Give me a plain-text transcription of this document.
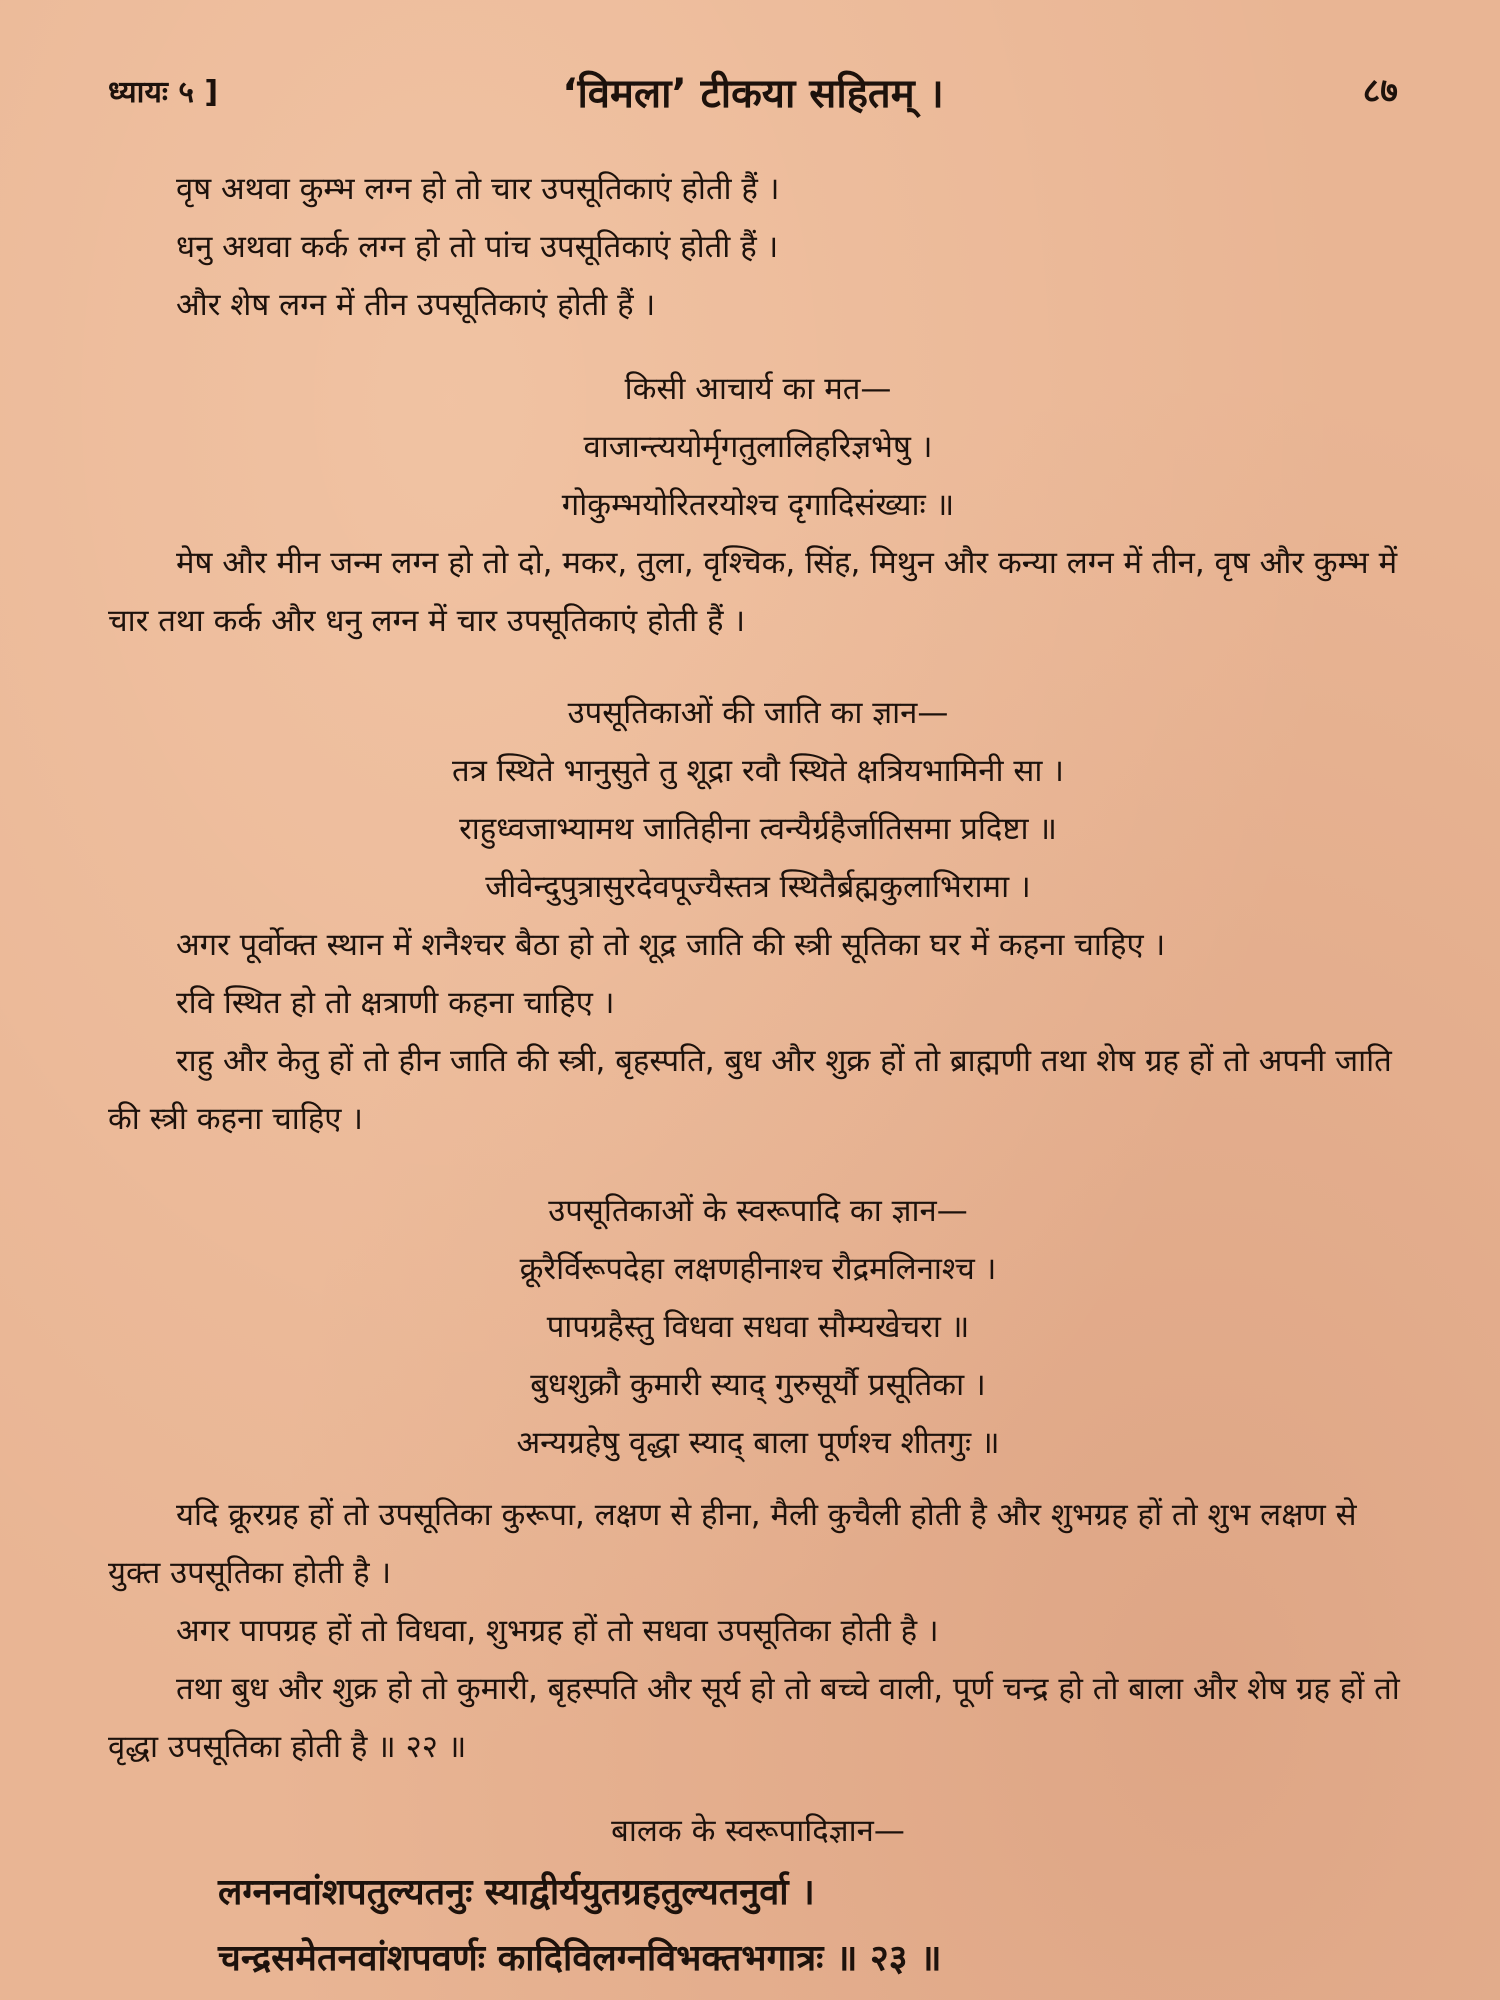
ध्यायः ५ ]	‘विमला’ टीकया सहितम् ।	८७

वृष अथवा कुम्भ लग्न हो तो चार उपसूतिकाएं होती हैं ।

धनु अथवा कर्क लग्न हो तो पांच उपसूतिकाएं होती हैं ।

और शेष लग्न में तीन उपसूतिकाएं होती हैं ।

किसी आचार्य का मत—

वाजान्त्ययोर्मृगतुलालिहरिज्ञभेषु ।

गोकुम्भयोरितरयोश्च दृगादिसंख्याः ॥

मेष और मीन जन्म लग्न हो तो दो, मकर, तुला, वृश्चिक, सिंह, मिथुन और कन्या लग्न में तीन, वृष और कुम्भ में चार तथा कर्क और धनु लग्न में चार उपसूतिकाएं होती हैं ।

उपसूतिकाओं की जाति का ज्ञान—

तत्र स्थिते भानुसुते तु शूद्रा रवौ स्थिते क्षत्रियभामिनी सा ।

राहुध्वजाभ्यामथ जातिहीना त्वन्यैर्ग्रहैर्जातिसमा प्रदिष्टा ॥

जीवेन्दुपुत्रासुरदेवपूज्यैस्तत्र स्थितैर्ब्रह्मकुलाभिरामा ।

अगर पूर्वोक्त स्थान में शनैश्चर बैठा हो तो शूद्र जाति की स्त्री सूतिका घर में कहना चाहिए ।

रवि स्थित हो तो क्षत्राणी कहना चाहिए ।

राहु और केतु हों तो हीन जाति की स्त्री, बृहस्पति, बुध और शुक्र हों तो ब्राह्मणी तथा शेष ग्रह हों तो अपनी जाति की स्त्री कहना चाहिए ।

उपसूतिकाओं के स्वरूपादि का ज्ञान—

क्रूरैर्विरूपदेहा लक्षणहीनाश्च रौद्रमलिनाश्च ।

पापग्रहैस्तु विधवा सधवा सौम्यखेचरा ॥

बुधशुक्रौ कुमारी स्याद् गुरुसूर्यौ प्रसूतिका ।

अन्यग्रहेषु वृद्धा स्याद् बाला पूर्णश्च शीतगुः ॥

यदि क्रूरग्रह हों तो उपसूतिका कुरूपा, लक्षण से हीना, मैली कुचैली होती है और शुभग्रह हों तो शुभ लक्षण से युक्त उपसूतिका होती है ।

अगर पापग्रह हों तो विधवा, शुभग्रह हों तो सधवा उपसूतिका होती है ।

तथा बुध और शुक्र हो तो कुमारी, बृहस्पति और सूर्य हो तो बच्चे वाली, पूर्ण चन्द्र हो तो बाला और शेष ग्रह हों तो वृद्धा उपसूतिका होती है ॥ २२ ॥

बालक के स्वरूपादिज्ञान—

लग्ननवांशपतुल्यतनुः स्याद्वीर्ययुतग्रहतुल्यतनुर्वा ।

चन्द्रसमेतनवांशपवर्णः कादिविलग्नविभक्तभगात्रः ॥ २३ ॥
